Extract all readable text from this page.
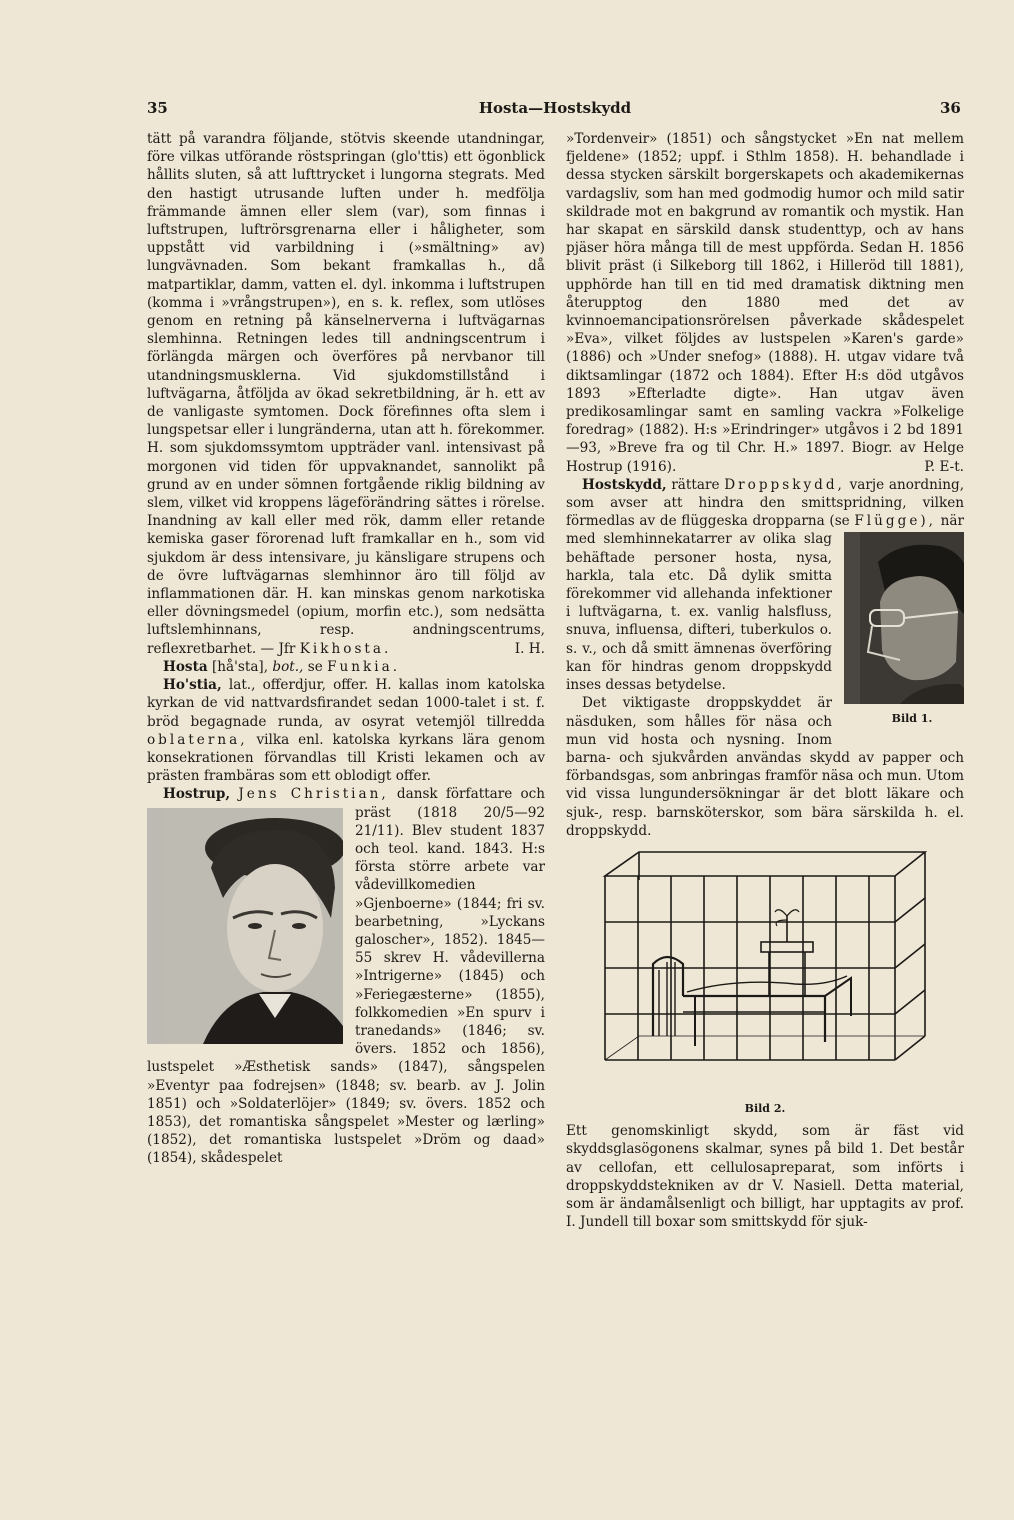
35	Hosta—Hostskydd	36

tätt på varandra följande, stötvis skeende utandningar, före vilkas utförande röstspringan (glo'ttis) ett ögonblick hållits sluten, så att lufttrycket i lungorna stegrats. Med den hastigt utrusande luften under h. medfölja främmande ämnen eller slem (var), som finnas i luftstrupen, luftrörsgrenarna eller i håligheter, som uppstått vid varbildning i (»smältning» av) lungvävnaden. Som bekant framkallas h., då matpartiklar, damm, vatten el. dyl. inkomma i luftstrupen (komma i »vrångstrupen»), en s. k. reflex, som utlöses genom en retning på känselnerverna i luftvägarnas slemhinna. Retningen ledes till andningscentrum i förlängda märgen och överföres på nervbanor till utandningsmusklerna. Vid sjukdomstillstånd i luftvägarna, åtföljda av ökad sekretbildning, är h. ett av de vanligaste symtomen. Dock förefinnes ofta slem i lungspetsar eller i lungränderna, utan att h. förekommer. H. som sjukdomssymtom uppträder vanl. intensivast på morgonen vid tiden för uppvaknandet, sannolikt på grund av en under sömnen fortgående riklig bildning av slem, vilket vid kroppens lägeförändring sättes i rörelse. Inandning av kall eller med rök, damm eller retande kemiska gaser förorenad luft framkallar en h., som vid sjukdom är dess intensivare, ju känsligare strupens och de övre luftvägarnas slemhinnor äro till följd av inflammationen där. H. kan minskas genom narkotiska eller dövningsmedel (opium, morfin etc.), som nedsätta luftslemhinnans, resp. andningscentrums, reflexretbarhet. — Jfr Kikhosta.	I. H.

Hosta [hå'sta], bot., se Funkia.

Ho'stia, lat., offerdjur, offer. H. kallas inom katolska kyrkan de vid nattvardsfirandet sedan 1000-talet i st. f. bröd begagnade runda, av osyrat vetemjöl tillredda oblaterna, vilka enl. katolska kyrkans lära genom konsekrationen förvandlas till Kristi lekamen och av prästen frambäras som ett oblodigt offer.

Hostrup, Jens Christian, dansk författare och präst (1818 20/5—92 21/11). Blev student 1837 och teol. kand. 1843. H:s första större arbete var vådevillkomedien »Gjenboerne» (1844; fri sv. bearbetning, »Lyckans galoscher», 1852). 1845—55 skrev H. vådevillerna »Intrigerne» (1845) och »Feriegæsterne» (1855), folkkomedien »En spurv i tranedands» (1846; sv. övers. 1852 och 1856), lustspelet »Æsthetisk sands» (1847), sångspelen »Eventyr paa fodrejsen» (1848; sv. bearb. av J. Jolin 1851) och »Soldaterlöjer» (1849; sv. övers. 1852 och 1853), det romantiska sångspelet »Mester og lærling» (1852), det romantiska lustspelet »Dröm og daad» (1854), skådespelet

»Tordenveir» (1851) och sångstycket »En nat mellem fjeldene» (1852; uppf. i Sthlm 1858). H. behandlade i dessa stycken särskilt borgerskapets och akademikernas vardagsliv, som han med godmodig humor och mild satir skildrade mot en bakgrund av romantik och mystik. Han har skapat en särskild dansk studenttyp, och av hans pjäser höra många till de mest uppförda. Sedan H. 1856 blivit präst (i Silkeborg till 1862, i Hilleröd till 1881), upphörde han till en tid med dramatisk diktning men återupptog den 1880 med det av kvinnoemancipationsrörelsen påverkade skådespelet »Eva», vilket följdes av lustspelen »Karen's garde» (1886) och »Under snefog» (1888). H. utgav vidare två diktsamlingar (1872 och 1884). Efter H:s död utgåvos 1893 »Efterladte digte». Han utgav även predikosamlingar samt en samling vackra »Folkelige foredrag» (1882). H:s »Erindringer» utgåvos i 2 bd 1891—93, »Breve fra og til Chr. H.» 1897. Biogr. av Helge Hostrup (1916).	P. E-t.

Hostskydd, rättare Droppskydd, varje anordning, som avser att hindra den smittspridning, vilken förmedlas av de flüggeska dropparna (se Flügge),
Bild 1.
när med slemhinnekatarrer av olika slag behäftade personer hosta, nysa, harkla, tala etc. Då dylik smitta förekommer vid allehanda infektioner i luftvägarna, t. ex. vanlig halsfluss, snuva, influensa, difteri, tuberkulos o. s. v., och då smitt ämnenas överföring kan för hindras genom droppskydd inses dessas betydelse.

Det viktigaste droppskyddet är näsduken, som hålles för näsa och mun vid hosta och nysning. Inom barna- och sjukvården användas skydd av papper och förbandsgas, som anbringas framför näsa och mun. Utom vid vissa lungundersökningar är det blott läkare och sjuk-, resp. barnsköterskor, som bära särskilda h. el. droppskydd.

Bild 2.

Ett genomskinligt skydd, som är fäst vid skyddsglasögonens skalmar, synes på bild 1. Det består av cellofan, ett cellulosapreparat, som införts i droppskyddstekniken av dr V. Nasiell. Detta material, som är ändamålsenligt och billigt, har upptagits av prof. I. Jundell till boxar som smittskydd för sjuk-
